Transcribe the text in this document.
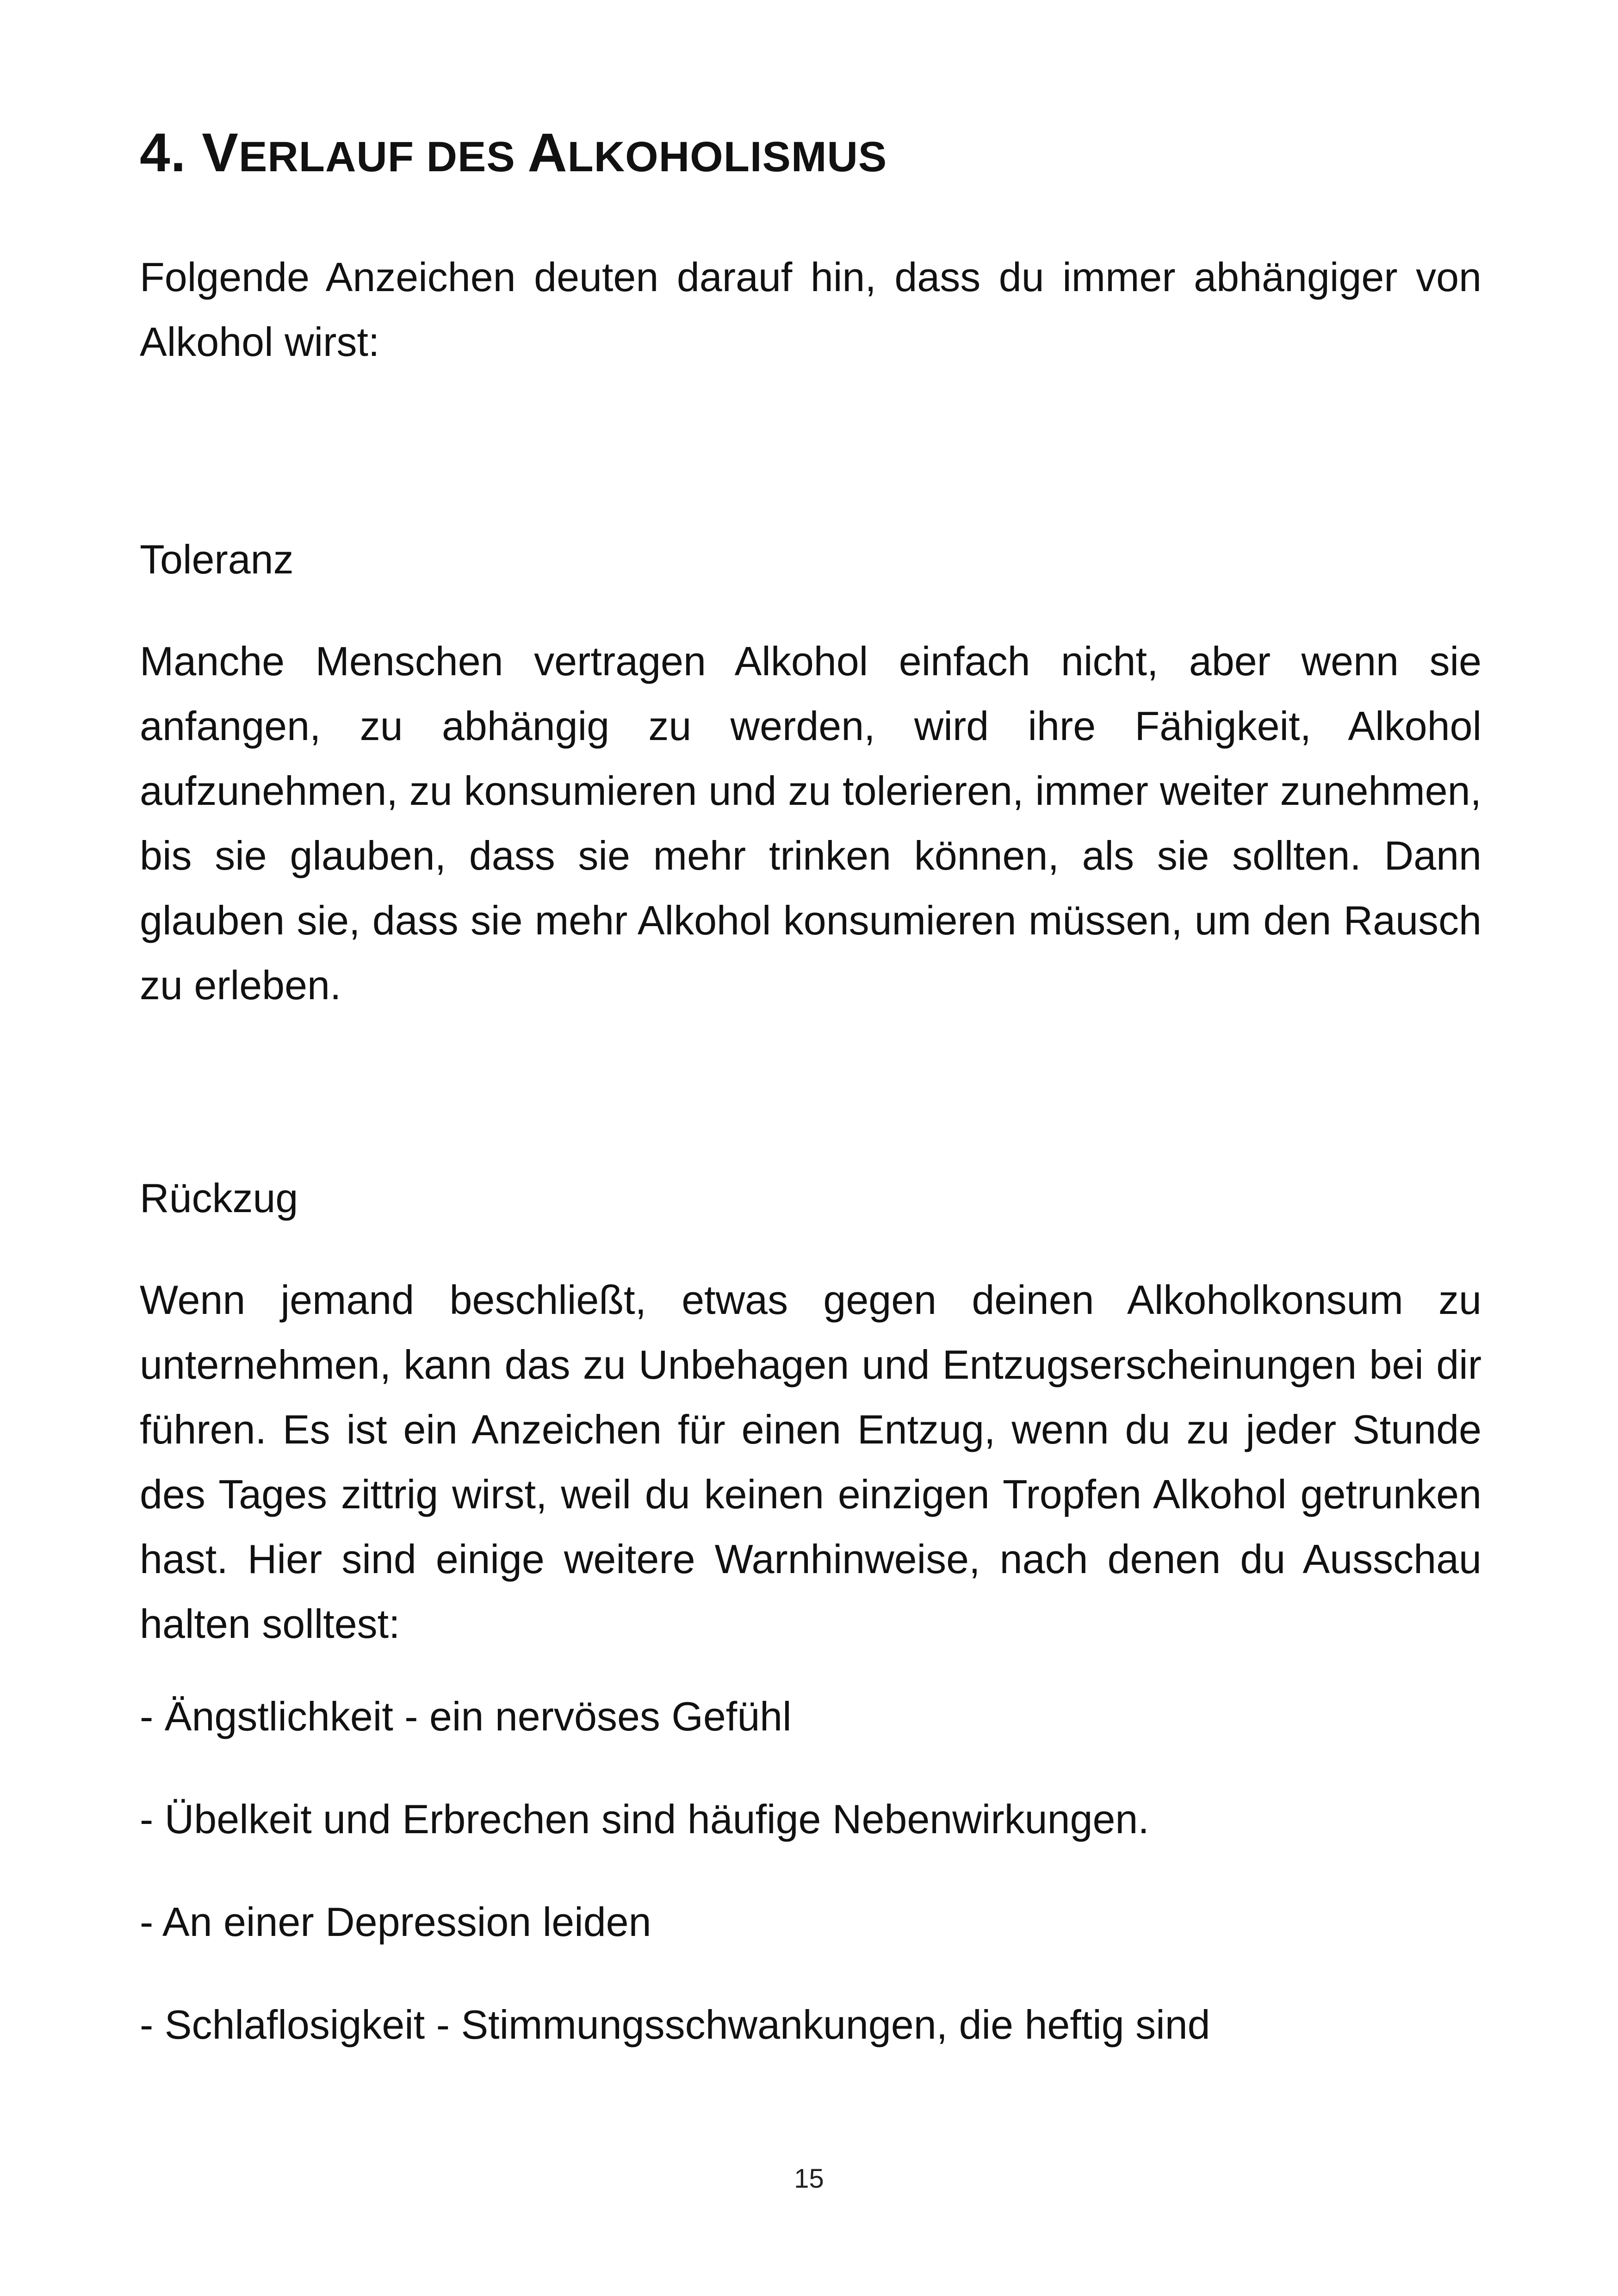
4. VERLAUF DES ALKOHOLISMUS

Folgende Anzeichen deuten darauf hin, dass du immer abhängiger von Alkohol wirst:

Toleranz

Manche Menschen vertragen Alkohol einfach nicht, aber wenn sie anfangen, zu abhängig zu werden, wird ihre Fähigkeit, Alkohol aufzunehmen, zu konsumieren und zu tolerieren, immer weiter zunehmen, bis sie glauben, dass sie mehr trinken können, als sie sollten. Dann glauben sie, dass sie mehr Alkohol konsumieren müssen, um den Rausch zu erleben.

Rückzug

Wenn jemand beschließt, etwas gegen deinen Alkoholkonsum zu unternehmen, kann das zu Unbehagen und Entzugserscheinungen bei dir führen. Es ist ein Anzeichen für einen Entzug, wenn du zu jeder Stunde des Tages zittrig wirst, weil du keinen einzigen Tropfen Alkohol getrunken hast. Hier sind einige weitere Warnhinweise, nach denen du Ausschau halten solltest:

- Ängstlichkeit - ein nervöses Gefühl
- Übelkeit und Erbrechen sind häufige Nebenwirkungen.
- An einer Depression leiden
- Schlaflosigkeit - Stimmungsschwankungen, die heftig sind
15
